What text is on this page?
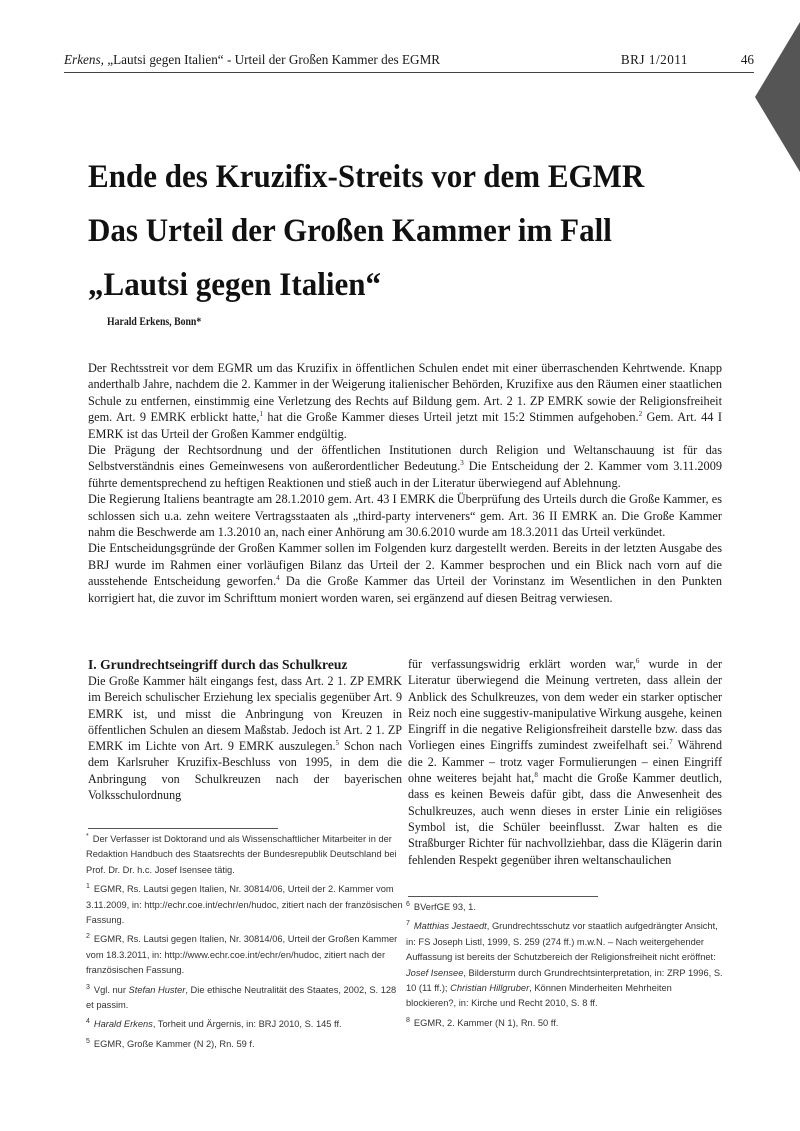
Erkens, „Lautsi gegen Italien“ - Urteil der Großen Kammer des EGMR	BRJ 1/2011	46
Ende des Kruzifix-Streits vor dem EGMR
Das Urteil der Großen Kammer im Fall
„Lautsi gegen Italien“
Harald Erkens, Bonn*

Der Rechtsstreit vor dem EGMR um das Kruzifix in öffentlichen Schulen endet mit einer überraschenden Kehrtwende. Knapp anderthalb Jahre, nachdem die 2. Kammer in der Weigerung italienischer Behörden, Kruzifixe aus den Räumen einer staatlichen Schule zu entfernen, einstimmig eine Verletzung des Rechts auf Bildung gem. Art. 2 1. ZP EMRK sowie der Religionsfreiheit gem. Art. 9 EMRK erblickt hatte,$^1$ hat die Große Kammer dieses Urteil jetzt mit 15:2 Stimmen aufgehoben.$^2$ Gem. Art. 44 I EMRK ist das Urteil der Großen Kammer endgültig.

Die Prägung der Rechtsordnung und der öffentlichen Institutionen durch Religion und Weltanschauung ist für das Selbstverständnis eines Gemeinwesens von außerordentlicher Bedeutung.$^3$ Die Entscheidung der 2. Kammer vom 3.11.2009 führte dementsprechend zu heftigen Reaktionen und stieß auch in der Literatur überwiegend auf Ablehnung.

Die Regierung Italiens beantragte am 28.1.2010 gem. Art. 43 I EMRK die Überprüfung des Urteils durch die Große Kammer, es schlossen sich u.a. zehn weitere Vertragsstaaten als „third-party interveners“ gem. Art. 36 II EMRK an. Die Große Kammer nahm die Beschwerde am 1.3.2010 an, nach einer Anhörung am 30.6.2010 wurde am 18.3.2011 das Urteil verkündet.

Die Entscheidungsgründe der Großen Kammer sollen im Folgenden kurz dargestellt werden. Bereits in der letzten Ausgabe des BRJ wurde im Rahmen einer vorläufigen Bilanz das Urteil der 2. Kammer besprochen und ein Blick nach vorn auf die ausstehende Entscheidung geworfen.$^4$ Da die Große Kammer das Urteil der Vorinstanz im Wesentlichen in den Punkten korrigiert hat, die zuvor im Schrifttum moniert worden waren, sei ergänzend auf diesen Beitrag verwiesen.

I. Grundrechtseingriff durch das Schulkreuz

Die Große Kammer hält eingangs fest, dass Art. 2 1. ZP EMRK im Bereich schulischer Erziehung lex specialis gegenüber Art. 9 EMRK ist, und misst die Anbringung von Kreuzen in öffentlichen Schulen an diesem Maßstab. Jedoch ist Art. 2 1. ZP EMRK im Lichte von Art. 9 EMRK auszulegen.$^5$ Schon nach dem Karlsruher Kruzifix-Beschluss von 1995, in dem die Anbringung von Schulkreuzen nach der bayerischen Volksschulordnung

für verfassungswidrig erklärt worden war,$^6$ wurde in der Literatur überwiegend die Meinung vertreten, dass allein der Anblick des Schulkreuzes, von dem weder ein starker optischer Reiz noch eine suggestiv-manipulative Wirkung ausgehe, keinen Eingriff in die negative Religionsfreiheit darstelle bzw. dass das Vorliegen eines Eingriffs zumindest zweifelhaft sei.$^7$ Während die 2. Kammer – trotz vager Formulierungen – einen Eingriff ohne weiteres bejaht hat,$^8$ macht die Große Kammer deutlich, dass es keinen Beweis dafür gibt, dass die Anwesenheit des Schulkreuzes, auch wenn dieses in erster Linie ein religiöses Symbol ist, die Schüler beeinflusst. Zwar halten es die Straßburger Richter für nachvollziehbar, dass die Klägerin darin fehlenden Respekt gegenüber ihren weltanschaulichen

* Der Verfasser ist Doktorand und als Wissenschaftlicher Mitarbeiter in der Redaktion Handbuch des Staatsrechts der Bundesrepublik Deutschland bei Prof. Dr. Dr. h.c. Josef Isensee tätig.

$^1$ EGMR, Rs. Lautsi gegen Italien, Nr. 30814/06, Urteil der 2. Kammer vom 3.11.2009, in: http://echr.coe.int/echr/en/hudoc, zitiert nach der französischen Fassung.

$^2$ EGMR, Rs. Lautsi gegen Italien, Nr. 30814/06, Urteil der Großen Kammer vom 18.3.2011, in: http://www.echr.coe.int/echr/en/hudoc, zitiert nach der französischen Fassung.

$^3$ Vgl. nur Stefan Huster, Die ethische Neutralität des Staates, 2002, S. 128 et passim.

$^4$ Harald Erkens, Torheit und Ärgernis, in: BRJ 2010, S. 145 ff.

$^5$ EGMR, Große Kammer (N 2), Rn. 59 f.

$^6$ BVerfGE 93, 1.

$^7$ Matthias Jestaedt, Grundrechtsschutz vor staatlich aufgedrängter Ansicht, in: FS Joseph Listl, 1999, S. 259 (274 ff.) m.w.N. – Nach weitergehender Auffassung ist bereits der Schutzbereich der Religionsfreiheit nicht eröffnet: Josef Isensee, Bildersturm durch Grundrechtsinterpretation, in: ZRP 1996, S. 10 (11 ff.); Christian Hillgruber, Können Minderheiten Mehrheiten blockieren?, in: Kirche und Recht 2010, S. 8 ff.

$^8$ EGMR, 2. Kammer (N 1), Rn. 50 ff.
